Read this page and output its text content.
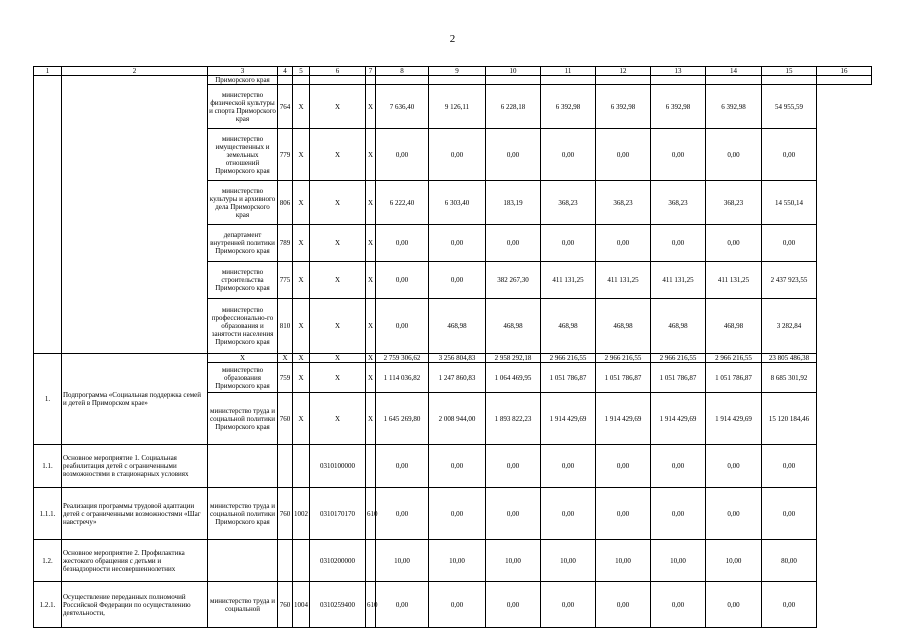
2
1	2	3	4	5	6	7	8	9	10	11	12	13	14	15	16
		Приморского края													
		министерство физической культуры и спорта Приморского края	764	Х	Х	Х	7 636,40	9 126,11	6 228,18	6 392,98	6 392,98	6 392,98	6 392,98	54 955,59	
		министерство имущественных и земельных отношений Приморского края	779	Х	Х	Х	0,00	0,00	0,00	0,00	0,00	0,00	0,00	0,00	
		министерство культуры и архивного дела Приморского края	806	Х	Х	Х	6 222,40	6 303,40	183,19	368,23	368,23	368,23	368,23	14 550,14	
		департамент внутренней политики Приморского края	789	Х	Х	Х	0,00	0,00	0,00	0,00	0,00	0,00	0,00	0,00	
		министерство строительства Приморского края	775	Х	Х	Х	0,00	0,00	382 267,30	411 131,25	411 131,25	411 131,25	411 131,25	2 437 923,55	
		министерство профессионально-го образования и занятости населения Приморского края	810	Х	Х	Х	0,00	468,98	468,98	468,98	468,98	468,98	468,98	3 282,84	
1.	Подпрограмма «Социальная поддержка семей и детей в Приморском крае»	Х	Х	Х	Х	Х	2 759 306,62	3 256 804,83	2 958 292,18	2 966 216,55	2 966 216,55	2 966 216,55	2 966 216,55	23 805 486,38	
		министерство образования Приморского края	759	Х	Х	Х	1 114 036,82	1 247 860,83	1 064 469,95	1 051 786,87	1 051 786,87	1 051 786,87	1 051 786,87	8 685 301,92	
		министерство труда и социальной политики Приморского края	760	Х	Х	Х	1 645 269,80	2 008 944,00	1 893 822,23	1 914 429,69	1 914 429,69	1 914 429,69	1 914 429,69	15 120 184,46	
1.1.	Основное мероприятие 1. Социальная реабилитация детей с ограниченными возможностями в стационарных условиях				0310100000		0,00	0,00	0,00	0,00	0,00	0,00	0,00	0,00	
1.1.1.	Реализация программы трудовой адаптации детей с ограниченными возможностями «Шаг навстречу»	министерство труда и социальной политики Приморского края	760	1002	0310170170	610	0,00	0,00	0,00	0,00	0,00	0,00	0,00	0,00	
1.2.	Основное мероприятие 2. Профилактика жестокого обращения с детьми и безнадзорности несовершеннолетних				0310200000		10,00	10,00	10,00	10,00	10,00	10,00	10,00	80,00	
1.2.1.	Осуществление переданных полномочий Российской Федерации по осуществлению деятельности,	министерство труда и социальной	760	1004	0310259400	610	0,00	0,00	0,00	0,00	0,00	0,00	0,00	0,00	
